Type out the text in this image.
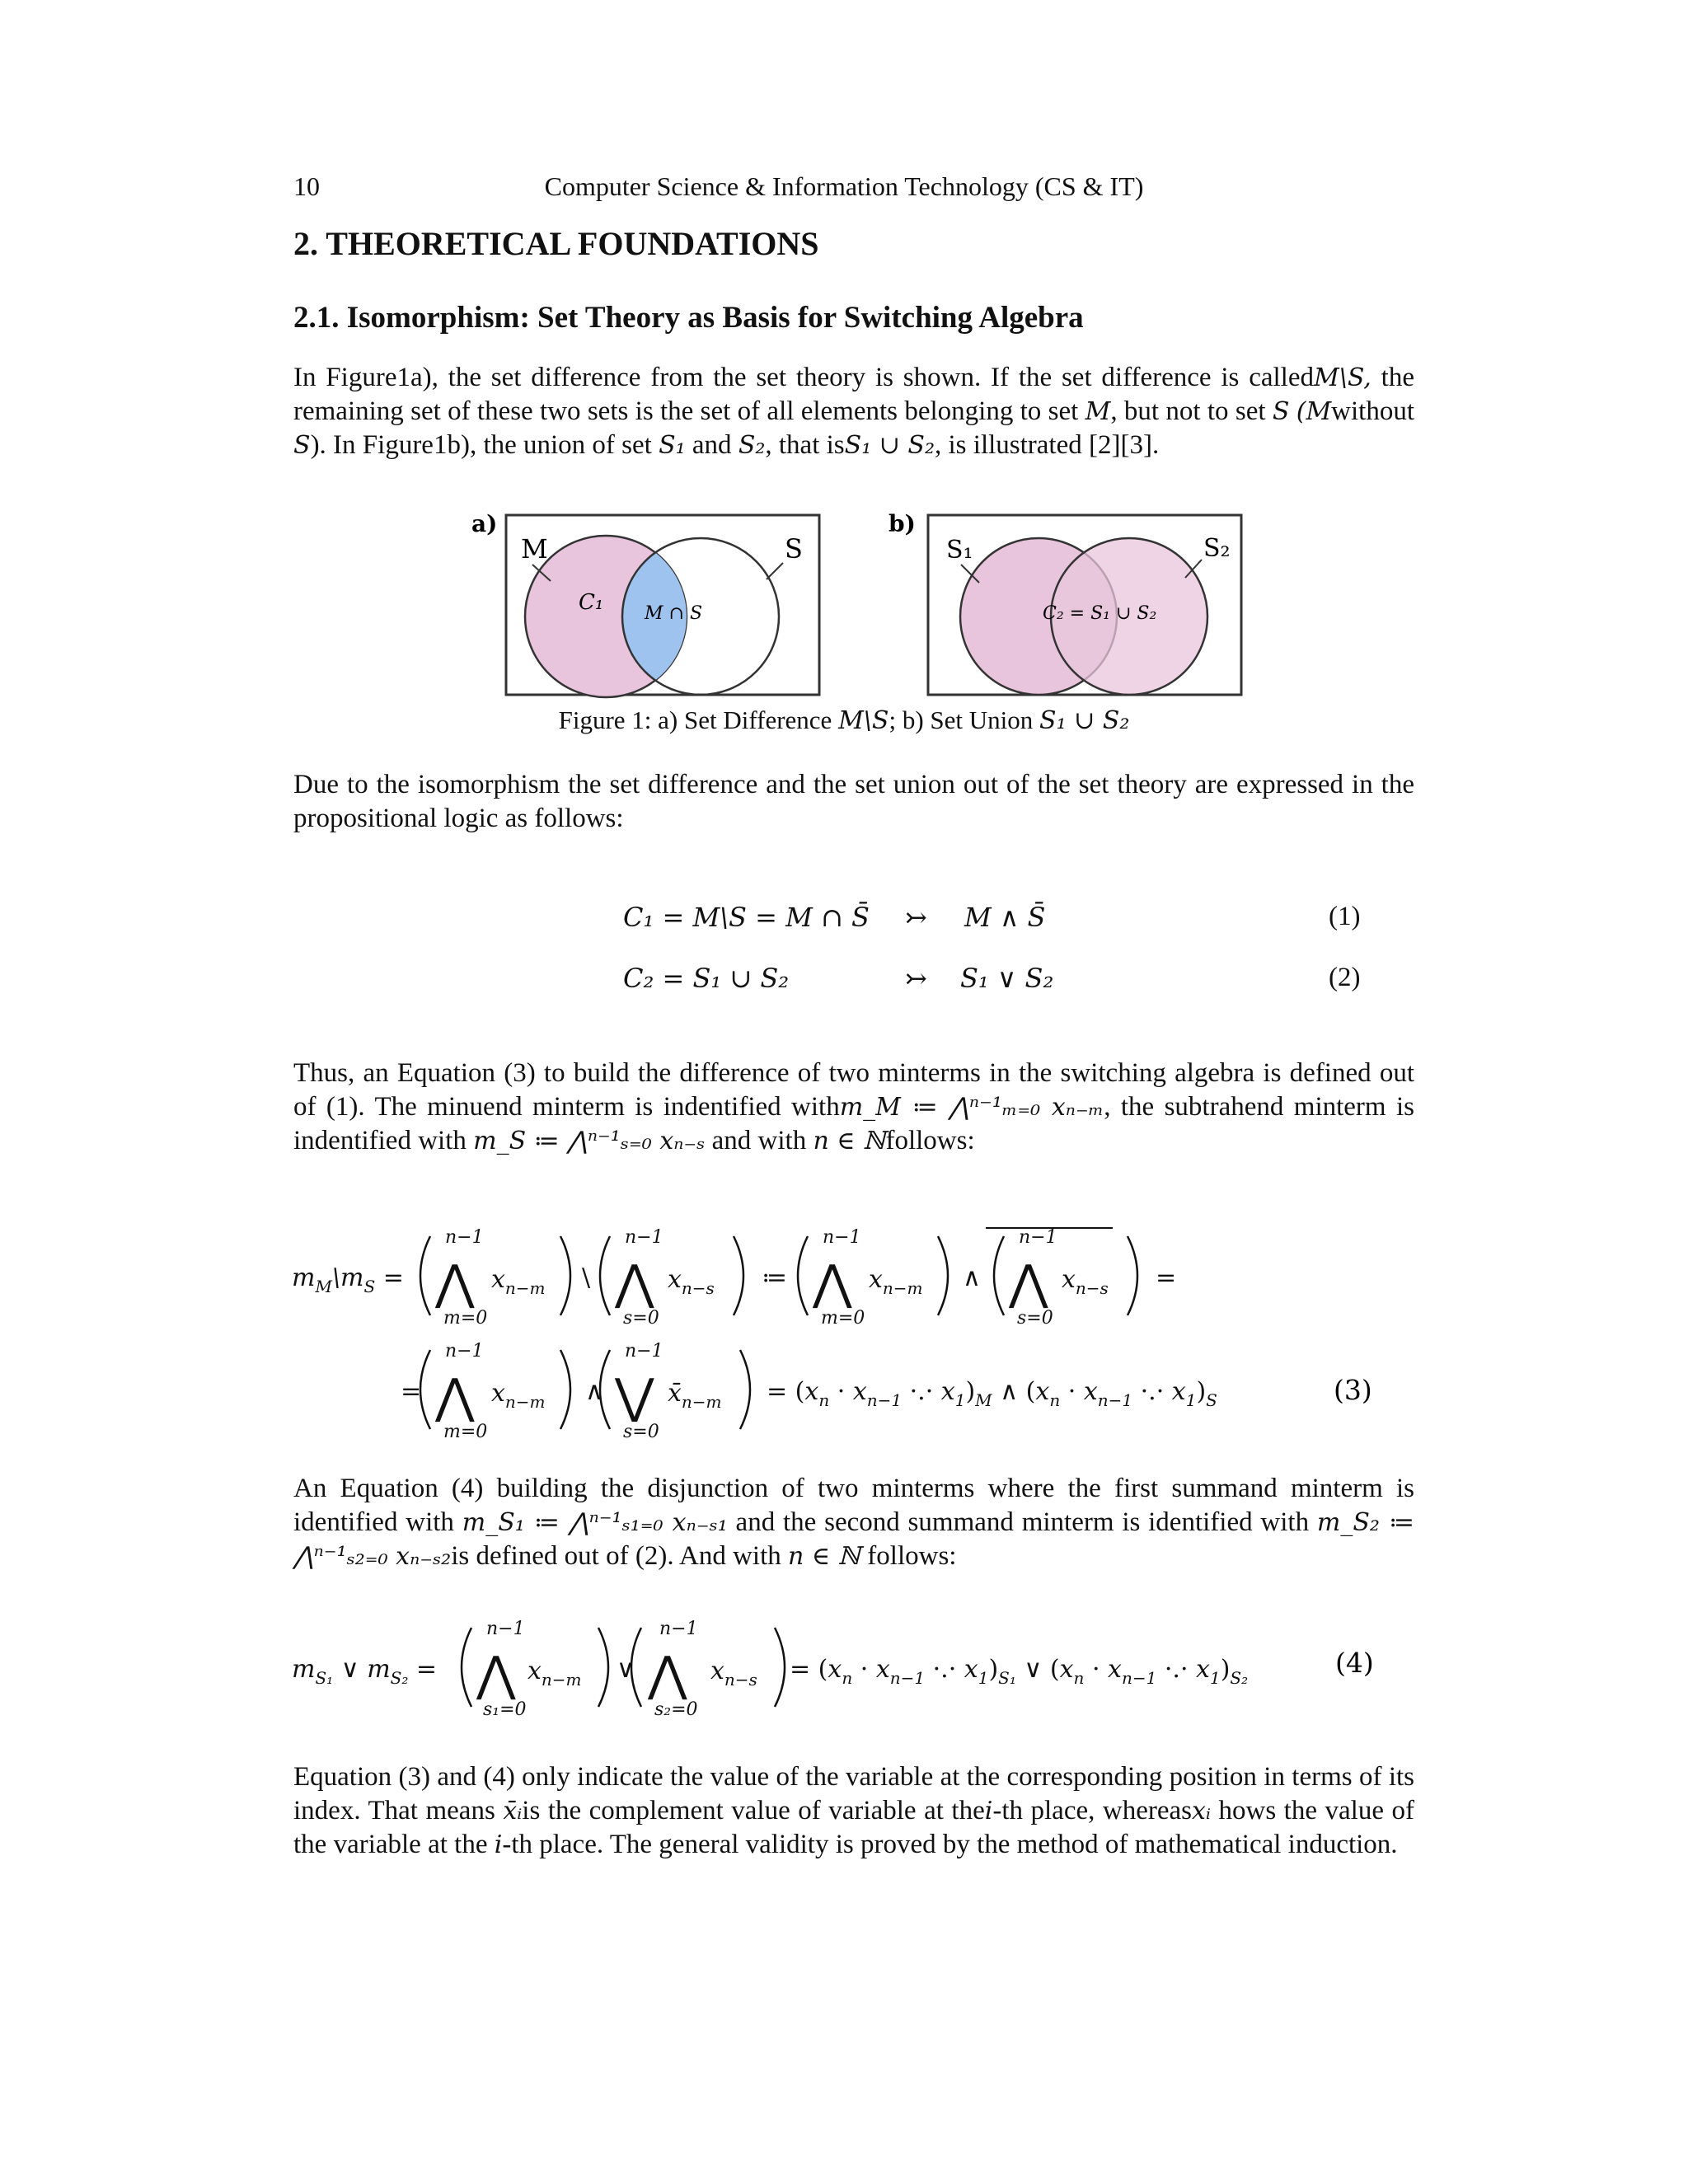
10	Computer Science & Information Technology (CS & IT)
2. THEORETICAL FOUNDATIONS
2.1. Isomorphism: Set Theory as Basis for Switching Algebra
In Figure1a), the set difference from the set theory is shown. If the set difference is calledM\S, the remaining set of these two sets is the set of all elements belonging to set M, but not to set S (Mwithout S). In Figure1b), the union of set S₁ and S₂, that isS₁ ∪ S₂, is illustrated [2][3].
a)
M	S
C₁ M ∩ S
b)
S₁	S₂
C₂ = S₁ ∪ S₂
Figure 1: a) Set Difference M\S; b) Set Union S₁ ∪ S₂
Due to the isomorphism the set difference and the set union out of the set theory are expressed in the propositional logic as follows:
C₁ = M\S = M ∩ S̄ ↣ M ∧ S̄	(1)
C₂ = S₁ ∪ S₂	↣ S₁ ∨ S₂	(2)
Thus, an Equation (3) to build the difference of two minterms in the switching algebra is defined out of (1). The minuend minterm is indentified withm_M ≔ ⋀ⁿ⁻¹ₘ₌₀ xₙ₋ₘ, the subtrahend minterm is indentified with m_S ≔ ⋀ⁿ⁻¹ₛ₌₀ xₙ₋ₛ and with n ∈ ℕfollows:
$m_M\backslash m_S$ =
n−1
⋀
m=0
$x_{n-m}$ \
n−1
⋀
s=0
$x_{n-s}$ ≔
n−1
⋀
m=0
$x_{n-m}$ ∧
n−1
⋀
s=0
$x_{n-s}$ =
=
n−1
⋀
m=0
$x_{n-m}$ ∧
n−1
⋁
s=0
$x̄_{n-m} = (x_n \cdot x_{n-1}$ ·.· $x_1)_M$ ∧ ($x_n \cdot x_{n-1}$ ·.· $x_1)_S$	(3)
An Equation (4) building the disjunction of two minterms where the first summand minterm is identified with m_S₁ ≔ ⋀ⁿ⁻¹ₛ₁₌₀ xₙ₋ₛ₁ and the second summand minterm is identified with m_S₂ ≔ ⋀ⁿ⁻¹ₛ₂₌₀ xₙ₋ₛ₂is defined out of (2). And with n ∈ ℕ follows:
$m_{S_1}$ ∨ $m_{S_2}$ =
n−1
⋀
s₁=0
$x_{n-m}$ ∨
n−1
⋀
s₂=0
$x_{n-s} = (x_n \cdot x_{n-1}$ ·.· $x_1)_{S_1}$ ∨ ($x_n \cdot x_{n-1}$ ·.· $x_1)_{S_2}$	(4)
Equation (3) and (4) only indicate the value of the variable at the corresponding position in terms of its index. That means x̄ᵢis the complement value of variable at thei-th place, whereasxᵢ hows the value of the variable at the i-th place. The general validity is proved by the method of mathematical induction.
